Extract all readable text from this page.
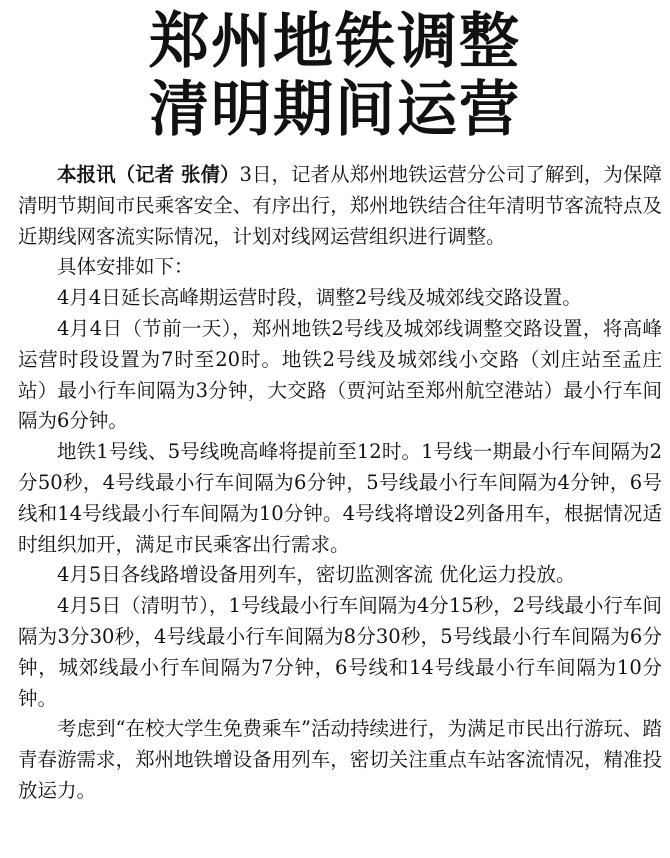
郑州地铁调整
清明期间运营

本报讯（记者 张倩）3日，记者从郑州地铁运营分公司了解到，为保障清明节期间市民乘客安全、有序出行，郑州地铁结合往年清明节客流特点及近期线网客流实际情况，计划对线网运营组织进行调整。

具体安排如下：

4月4日延长高峰期运营时段，调整2号线及城郊线交路设置。

4月4日（节前一天），郑州地铁2号线及城郊线调整交路设置，将高峰运营时段设置为7时至20时。地铁2号线及城郊线小交路（刘庄站至孟庄站）最小行车间隔为3分钟，大交路（贾河站至郑州航空港站）最小行车间隔为6分钟。

地铁1号线、5号线晚高峰将提前至12时。1号线一期最小行车间隔为2分50秒，4号线最小行车间隔为6分钟，5号线最小行车间隔为4分钟，6号线和14号线最小行车间隔为10分钟。4号线将增设2列备用车，根据情况适时组织加开，满足市民乘客出行需求。

4月5日各线路增设备用列车，密切监测客流 优化运力投放。

4月5日（清明节），1号线最小行车间隔为4分15秒，2号线最小行车间隔为3分30秒，4号线最小行车间隔为8分30秒，5号线最小行车间隔为6分钟，城郊线最小行车间隔为7分钟，6号线和14号线最小行车间隔为10分钟。

考虑到“在校大学生免费乘车”活动持续进行，为满足市民出行游玩、踏青春游需求，郑州地铁增设备用列车，密切关注重点车站客流情况，精准投放运力。
